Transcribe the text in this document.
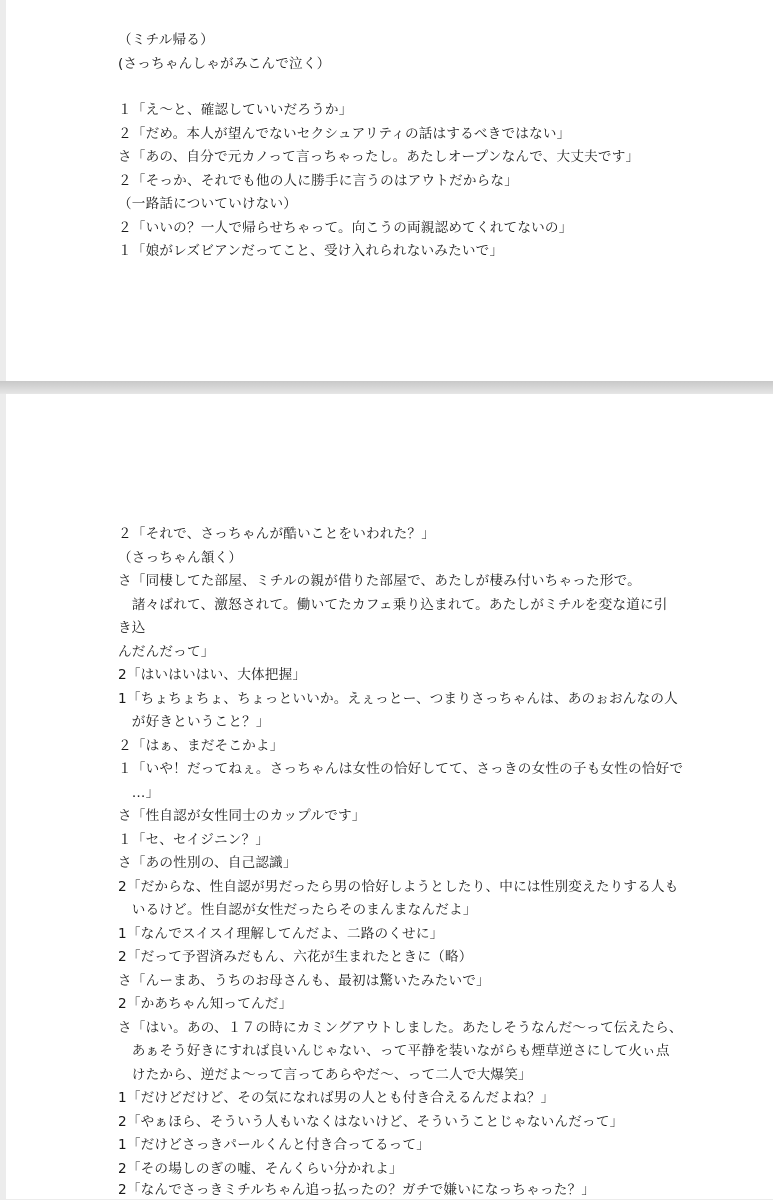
（ミチル帰る）
(さっちゃんしゃがみこんで泣く）
１「え～と、確認していいだろうか」
２「だめ。本人が望んでないセクシュアリティの話はするべきではない」
さ「あの、自分で元カノって言っちゃったし。あたしオープンなんで、大丈夫です」
２「そっか、それでも他の人に勝手に言うのはアウトだからな」
（一路話についていけない）
２「いいの？一人で帰らせちゃって。向こうの両親認めてくれてないの」
１「娘がレズビアンだってこと、受け入れられないみたいで」
２「それで、さっちゃんが酷いことをいわれた？」
（さっちゃん頷く）
さ「同棲してた部屋、ミチルの親が借りた部屋で、あたしが棲み付いちゃった形で。
　諸々ばれて、激怒されて。働いてたカフェ乗り込まれて。あたしがミチルを変な道に引
き込
んだんだって」
2「はいはいはい、大体把握」
1「ちょちょちょ、ちょっといいか。えぇっとー、つまりさっちゃんは、あのぉおんなの人
　が好きということ？」
２「はぁ、まだそこかよ」
１「いや！だってねぇ。さっちゃんは女性の恰好してて、さっきの女性の子も女性の恰好で
　…」
さ「性自認が女性同士のカップルです」
１「セ、セイジニン？」
さ「あの性別の、自己認識」
2「だからな、性自認が男だったら男の恰好しようとしたり、中には性別変えたりする人も
　いるけど。性自認が女性だったらそのまんまなんだよ」
1「なんでスイスイ理解してんだよ、二路のくせに」
2「だって予習済みだもん、六花が生まれたときに（略）
さ「んーまあ、うちのお母さんも、最初は驚いたみたいで」
2「かあちゃん知ってんだ」
さ「はい。あの、１７の時にカミングアウトしました。あたしそうなんだ～って伝えたら、
　あぁそう好きにすれば良いんじゃない、って平静を装いながらも煙草逆さにして火ぃ点
　けたから、逆だよ～って言ってあらやだ～、って二人で大爆笑」
1「だけどだけど、その気になれば男の人とも付き合えるんだよね？」
2「やぁほら、そういう人もいなくはないけど、そういうことじゃないんだって」
1「だけどさっきパールくんと付き合ってるって」
2「その場しのぎの嘘、そんくらい分かれよ」
2「なんでさっきミチルちゃん追っ払ったの？ガチで嫌いになっちゃった？」
